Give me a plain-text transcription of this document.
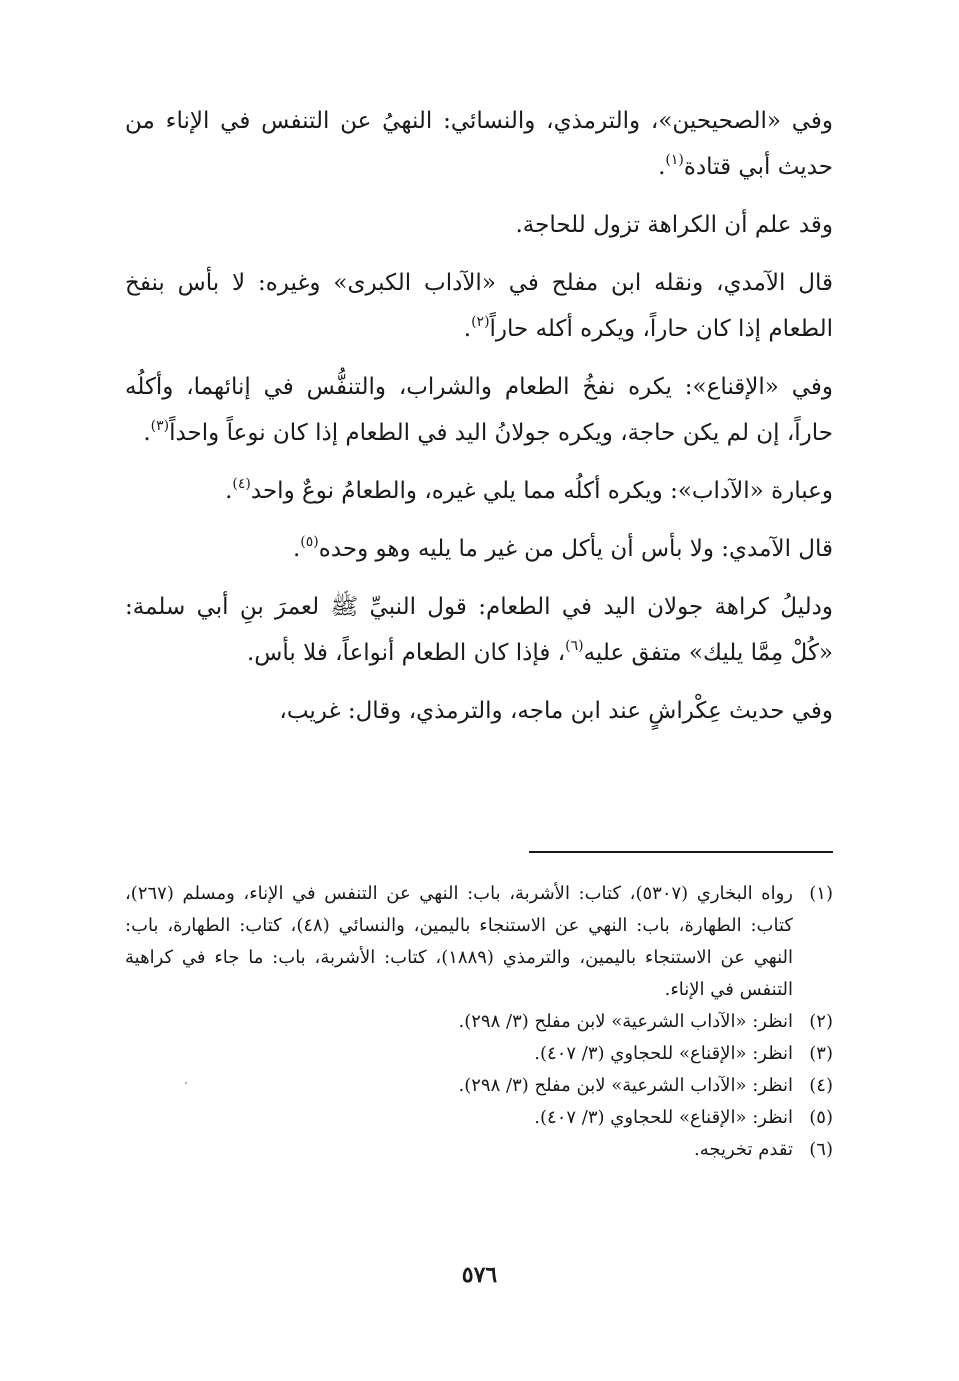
وفي «الصحيحين»، والترمذي، والنسائي: النهيُ عن التنفس في الإناء من حديث أبي قتادة$^{(١)}$.

وقد علم أن الكراهة تزول للحاجة.

قال الآمدي، ونقله ابن مفلح في «الآداب الكبرى» وغيره: لا بأس بنفخ الطعام إذا كان حاراً، ويكره أكله حاراً$^{(٢)}$.

وفي «الإقناع»: يكره نفخُ الطعام والشراب، والتنفُّس في إنائهما، وأكلُه حاراً، إن لم يكن حاجة، ويكره جولانُ اليد في الطعام إذا كان نوعاً واحداً$^{(٣)}$.

وعبارة «الآداب»: ويكره أكلُه مما يلي غيره، والطعامُ نوعٌ واحد$^{(٤)}$.

قال الآمدي: ولا بأس أن يأكل من غير ما يليه وهو وحده$^{(٥)}$.

ودليلُ كراهة جولان اليد في الطعام: قول النبيِّ ﷺ لعمرَ بنِ أبي سلمة: «كُلْ مِمَّا يليك» متفق عليه$^{(٦)}$، فإذا كان الطعام أنواعاً، فلا بأس.

وفي حديث عِكْراشٍ عند ابن ماجه، والترمذي، وقال: غريب،

(١)
رواه البخاري (٥٣٠٧)، كتاب: الأشربة، باب: النهي عن التنفس في الإناء، ومسلم (٢٦٧)، كتاب: الطهارة، باب: النهي عن الاستنجاء باليمين، والنسائي (٤٨)، كتاب: الطهارة، باب: النهي عن الاستنجاء باليمين، والترمذي (١٨٨٩)، كتاب: الأشربة، باب: ما جاء في كراهية التنفس في الإناء.
(٢)
انظر: «الآداب الشرعية» لابن مفلح (٣/ ٢٩٨).
(٣)
انظر: «الإقناع» للحجاوي (٣/ ٤٠٧).
(٤)
انظر: «الآداب الشرعية» لابن مفلح (٣/ ٢٩٨).
(٥)
انظر: «الإقناع» للحجاوي (٣/ ٤٠٧).
(٦)
تقدم تخريجه.
٥٧٦
